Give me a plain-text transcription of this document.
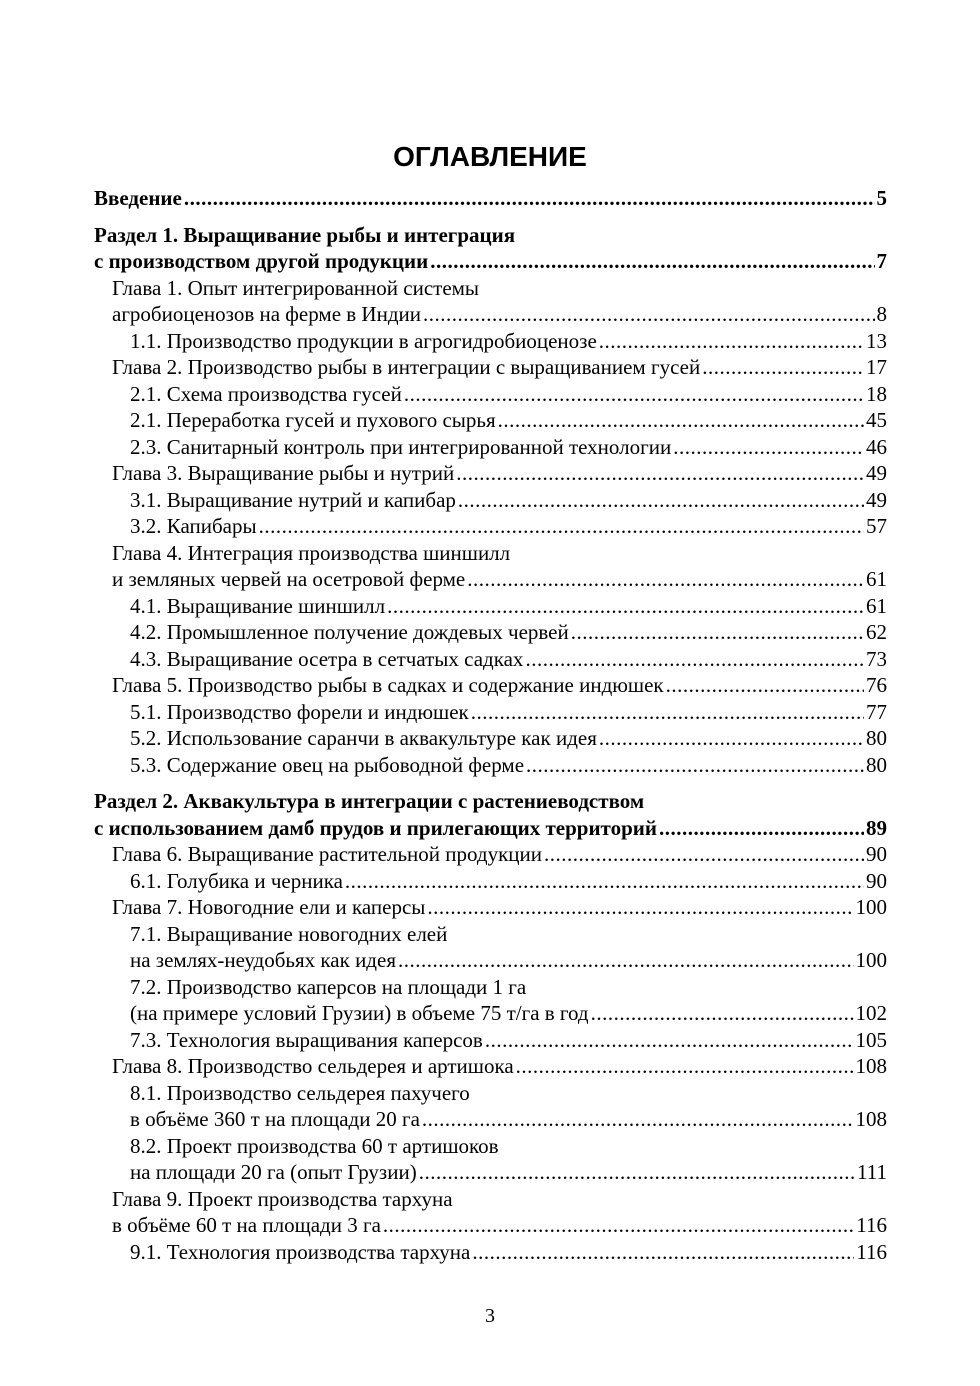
ОГЛАВЛЕНИЕ
Введение .....	5
Раздел 1. Выращивание рыбы и интеграция
с производством другой продукции .....	7
Глава 1. Опыт интегрированной системы
агробиоценозов на ферме в Индии .....	8
1.1. Производство продукции в агрогидробиоценозе .....	13
Глава 2. Производство рыбы в интеграции с выращиванием гусей .....	17
2.1. Схема производства гусей .....	18
2.1. Переработка гусей и пухового сырья .....	45
2.3. Санитарный контроль при интегрированной технологии .....	46
Глава 3. Выращивание рыбы и нутрий .....	49
3.1. Выращивание нутрий и капибар .....	49
3.2. Капибары .....	57
Глава 4. Интеграция производства шиншилл
и земляных червей на осетровой ферме .....	61
4.1. Выращивание шиншилл .....	61
4.2. Промышленное получение дождевых червей .....	62
4.3. Выращивание осетра в сетчатых садках .....	73
Глава 5. Производство рыбы в садках и содержание индюшек .....	76
5.1. Производство форели и индюшек .....	77
5.2. Использование саранчи в аквакультуре как идея .....	80
5.3. Содержание овец на рыбоводной ферме .....	80
Раздел 2. Аквакультура в интеграции с растениеводством
с использованием дамб прудов и прилегающих территорий .....	89
Глава 6. Выращивание растительной продукции .....	90
6.1. Голубика и черника .....	90
Глава 7. Новогодние ели и каперсы .....	100
7.1. Выращивание новогодних елей
на землях-неудобьях как идея .....	100
7.2. Производство каперсов на площади 1 га
(на примере условий Грузии) в объеме 75 т/га в год .....	102
7.3. Технология выращивания каперсов .....	105
Глава 8. Производство сельдерея и артишока .....	108
8.1. Производство сельдерея пахучего
в объёме 360 т на площади 20 га .....	108
8.2. Проект производства 60 т артишоков
на площади 20 га (опыт Грузии) .....	111
Глава 9. Проект производства тархуна
в объёме 60 т на площади 3 га .....	116
9.1. Технология производства тархуна .....	116
3
